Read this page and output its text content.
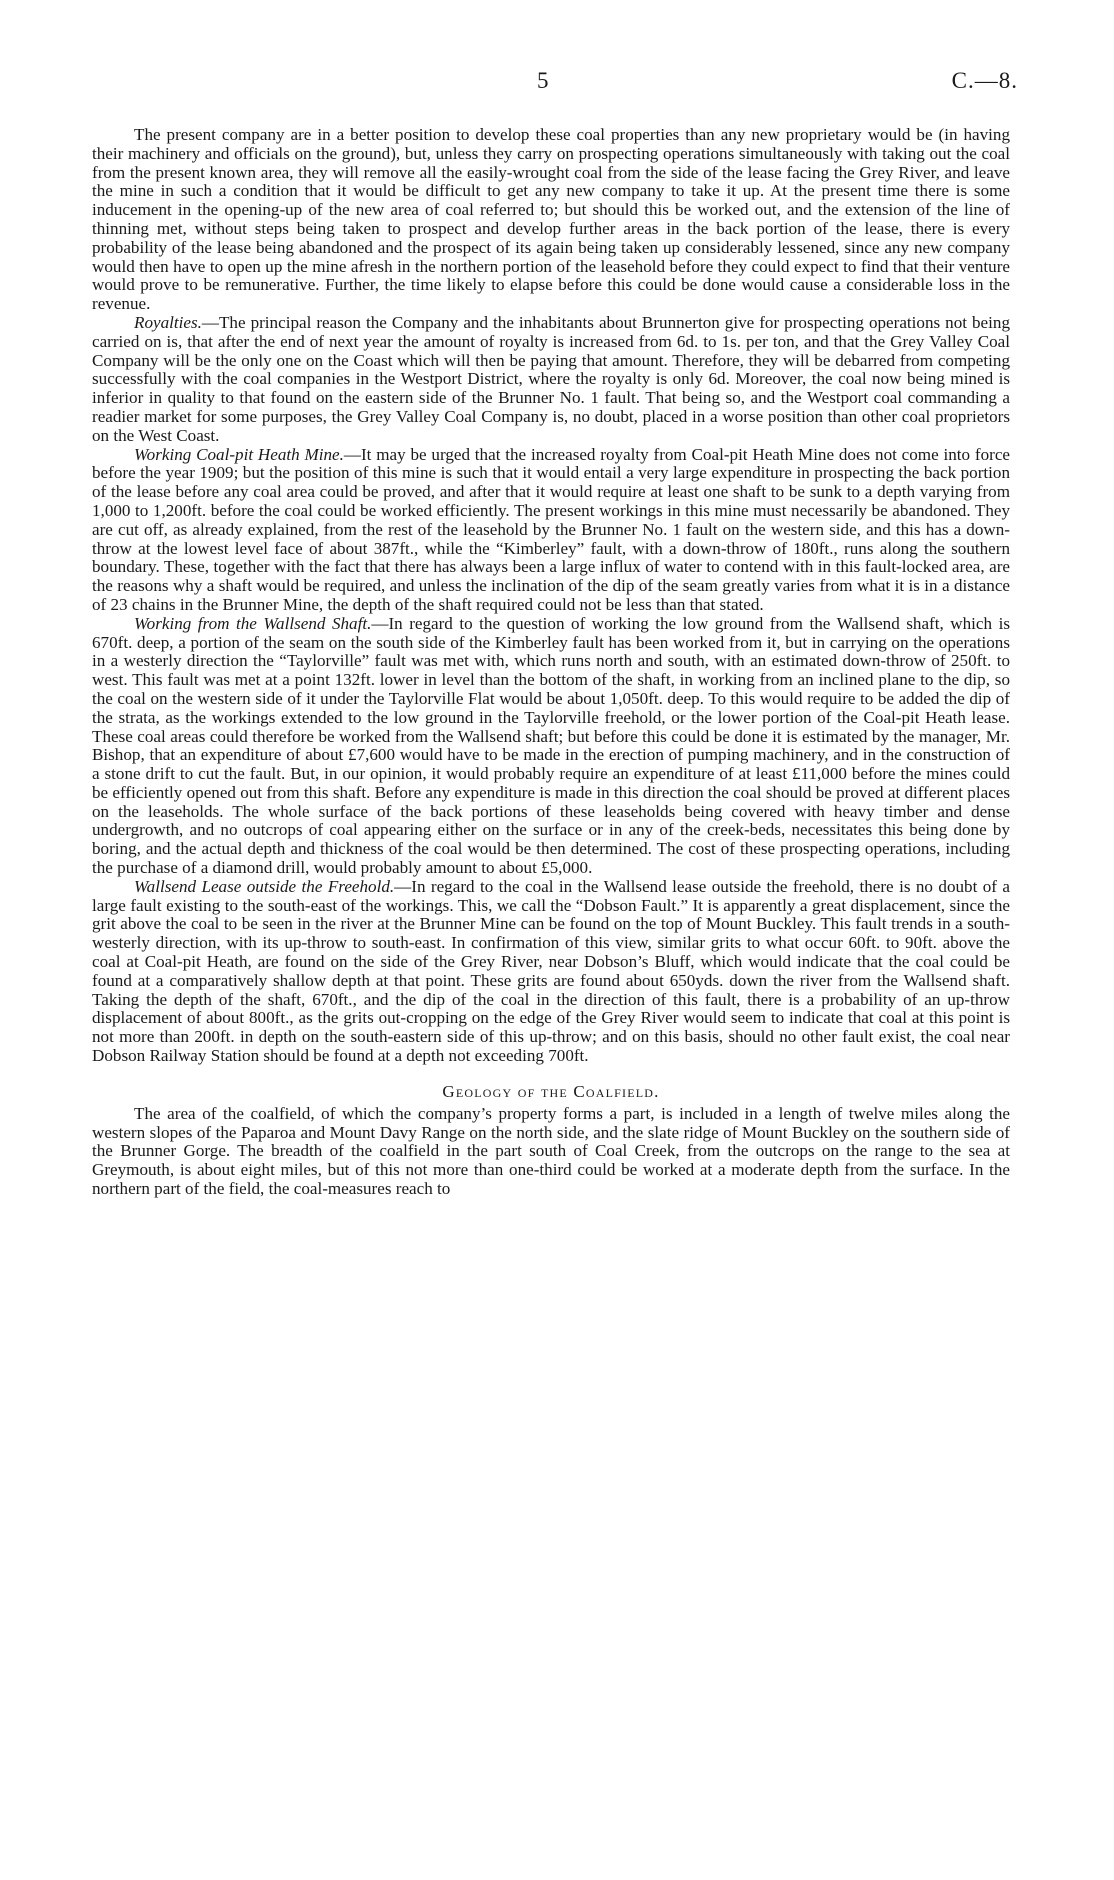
5	C.—8.

The present company are in a better position to develop these coal properties than any new proprietary would be (in having their machinery and officials on the ground), but, unless they carry on prospecting operations simultaneously with taking out the coal from the present known area, they will remove all the easily-wrought coal from the side of the lease facing the Grey River, and leave the mine in such a condition that it would be difficult to get any new company to take it up. At the present time there is some inducement in the opening-up of the new area of coal referred to; but should this be worked out, and the extension of the line of thinning met, without steps being taken to prospect and develop further areas in the back portion of the lease, there is every probability of the lease being abandoned and the prospect of its again being taken up considerably lessened, since any new company would then have to open up the mine afresh in the northern portion of the leasehold before they could expect to find that their venture would prove to be remunerative. Further, the time likely to elapse before this could be done would cause a considerable loss in the revenue.

Royalties.—The principal reason the Company and the inhabitants about Brunnerton give for prospecting operations not being carried on is, that after the end of next year the amount of royalty is increased from 6d. to 1s. per ton, and that the Grey Valley Coal Company will be the only one on the Coast which will then be paying that amount. Therefore, they will be debarred from competing successfully with the coal companies in the Westport District, where the royalty is only 6d. Moreover, the coal now being mined is inferior in quality to that found on the eastern side of the Brunner No. 1 fault. That being so, and the Westport coal commanding a readier market for some purposes, the Grey Valley Coal Company is, no doubt, placed in a worse position than other coal proprietors on the West Coast.

Working Coal-pit Heath Mine.—It may be urged that the increased royalty from Coal-pit Heath Mine does not come into force before the year 1909; but the position of this mine is such that it would entail a very large expenditure in prospecting the back portion of the lease before any coal area could be proved, and after that it would require at least one shaft to be sunk to a depth varying from 1,000 to 1,200ft. before the coal could be worked efficiently. The present workings in this mine must necessarily be abandoned. They are cut off, as already explained, from the rest of the leasehold by the Brunner No. 1 fault on the western side, and this has a down-throw at the lowest level face of about 387ft., while the “Kimberley” fault, with a down-throw of 180ft., runs along the southern boundary. These, together with the fact that there has always been a large influx of water to contend with in this fault-locked area, are the reasons why a shaft would be required, and unless the inclination of the dip of the seam greatly varies from what it is in a distance of 23 chains in the Brunner Mine, the depth of the shaft required could not be less than that stated.

Working from the Wallsend Shaft.—In regard to the question of working the low ground from the Wallsend shaft, which is 670ft. deep, a portion of the seam on the south side of the Kimberley fault has been worked from it, but in carrying on the operations in a westerly direction the “Taylorville” fault was met with, which runs north and south, with an estimated down-throw of 250ft. to west. This fault was met at a point 132ft. lower in level than the bottom of the shaft, in working from an inclined plane to the dip, so the coal on the western side of it under the Taylorville Flat would be about 1,050ft. deep. To this would require to be added the dip of the strata, as the workings extended to the low ground in the Taylorville freehold, or the lower portion of the Coal-pit Heath lease. These coal areas could therefore be worked from the Wallsend shaft; but before this could be done it is estimated by the manager, Mr. Bishop, that an expenditure of about £7,600 would have to be made in the erection of pumping machinery, and in the construction of a stone drift to cut the fault. But, in our opinion, it would probably require an expenditure of at least £11,000 before the mines could be efficiently opened out from this shaft. Before any expenditure is made in this direction the coal should be proved at different places on the leaseholds. The whole surface of the back portions of these leaseholds being covered with heavy timber and dense undergrowth, and no outcrops of coal appearing either on the surface or in any of the creek-beds, necessitates this being done by boring, and the actual depth and thickness of the coal would be then determined. The cost of these prospecting operations, including the purchase of a diamond drill, would probably amount to about £5,000.

Wallsend Lease outside the Freehold.—In regard to the coal in the Wallsend lease outside the freehold, there is no doubt of a large fault existing to the south-east of the workings. This, we call the “Dobson Fault.” It is apparently a great displacement, since the grit above the coal to be seen in the river at the Brunner Mine can be found on the top of Mount Buckley. This fault trends in a south-westerly direction, with its up-throw to south-east. In confirmation of this view, similar grits to what occur 60ft. to 90ft. above the coal at Coal-pit Heath, are found on the side of the Grey River, near Dobson’s Bluff, which would indicate that the coal could be found at a comparatively shallow depth at that point. These grits are found about 650yds. down the river from the Wallsend shaft. Taking the depth of the shaft, 670ft., and the dip of the coal in the direction of this fault, there is a probability of an up-throw displacement of about 800ft., as the grits out-cropping on the edge of the Grey River would seem to indicate that coal at this point is not more than 200ft. in depth on the south-eastern side of this up-throw; and on this basis, should no other fault exist, the coal near Dobson Railway Station should be found at a depth not exceeding 700ft.

Geology of the Coalfield.

The area of the coalfield, of which the company’s property forms a part, is included in a length of twelve miles along the western slopes of the Paparoa and Mount Davy Range on the north side, and the slate ridge of Mount Buckley on the southern side of the Brunner Gorge. The breadth of the coalfield in the part south of Coal Creek, from the outcrops on the range to the sea at Greymouth, is about eight miles, but of this not more than one-third could be worked at a moderate depth from the surface. In the northern part of the field, the coal-measures reach to
